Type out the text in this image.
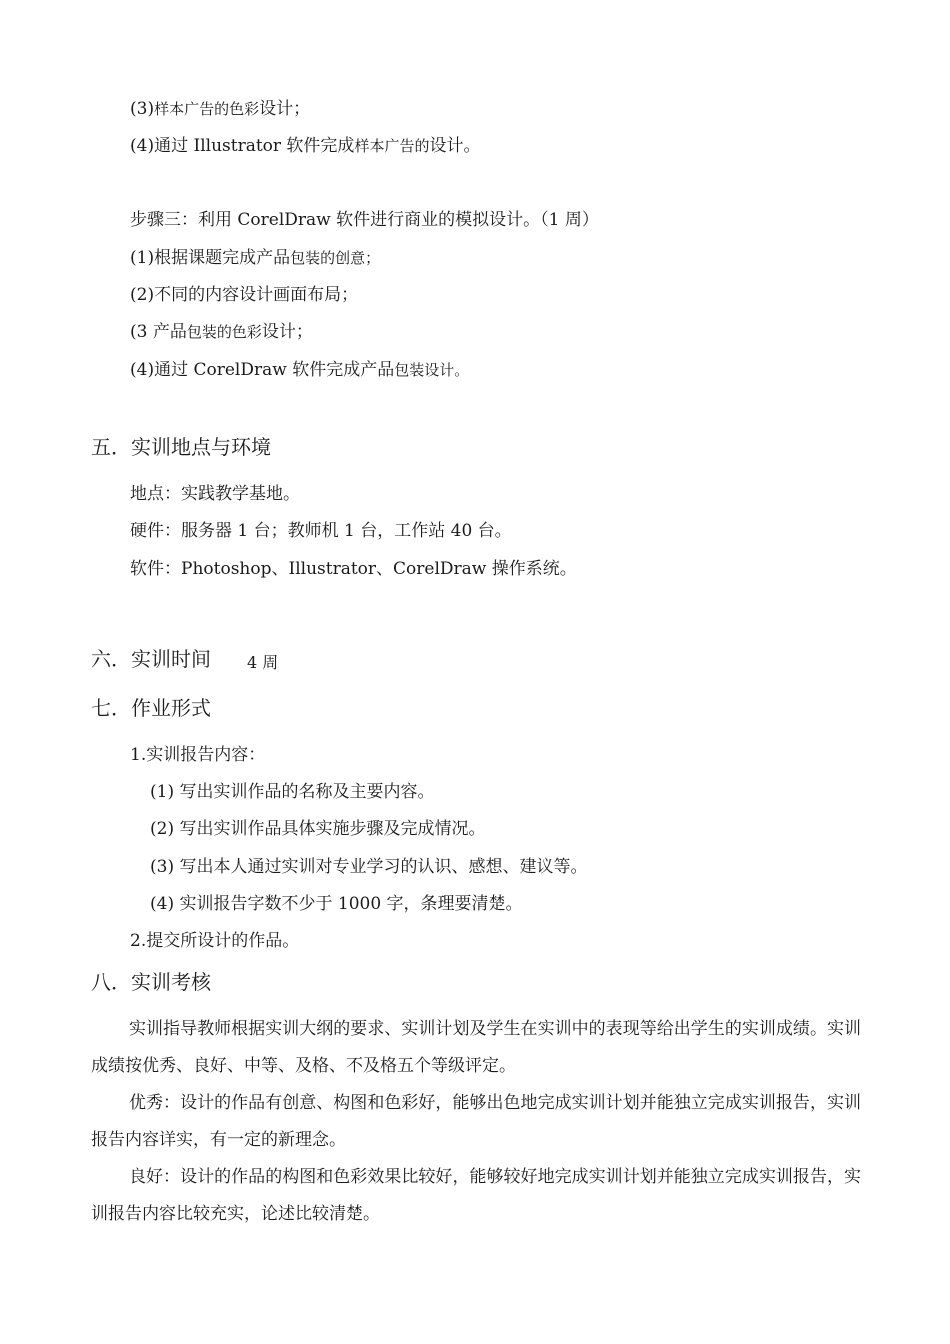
(3)样本广告的色彩设计；
(4)通过 Illustrator 软件完成样本广告的设计。
步骤三：利用 CorelDraw 软件进行商业的模拟设计。（1 周）
(1)根据课题完成产品包装的创意；
(2)不同的内容设计画面布局；
(3 产品包装的色彩设计；
(4)通过 CorelDraw 软件完成产品包装设计。
五．实训地点与环境
地点：实践教学基地。
硬件：服务器 1 台；教师机 1 台，工作站 40 台。
软件：Photoshop、Illustrator、CorelDraw 操作系统。
六．实训时间 4 周
七．作业形式
1.实训报告内容：
(1) 写出实训作品的名称及主要内容。
(2) 写出实训作品具体实施步骤及完成情况。
(3) 写出本人通过实训对专业学习的认识、感想、建议等。
(4) 实训报告字数不少于 1000 字，条理要清楚。
2.提交所设计的作品。
八．实训考核
实训指导教师根据实训大纲的要求、实训计划及学生在实训中的表现等给出学生的实训成绩。实训成绩按优秀、良好、中等、及格、不及格五个等级评定。
优秀：设计的作品有创意、构图和色彩好，能够出色地完成实训计划并能独立完成实训报告，实训报告内容详实，有一定的新理念。
良好：设计的作品的构图和色彩效果比较好，能够较好地完成实训计划并能独立完成实训报告，实训报告内容比较充实，论述比较清楚。
